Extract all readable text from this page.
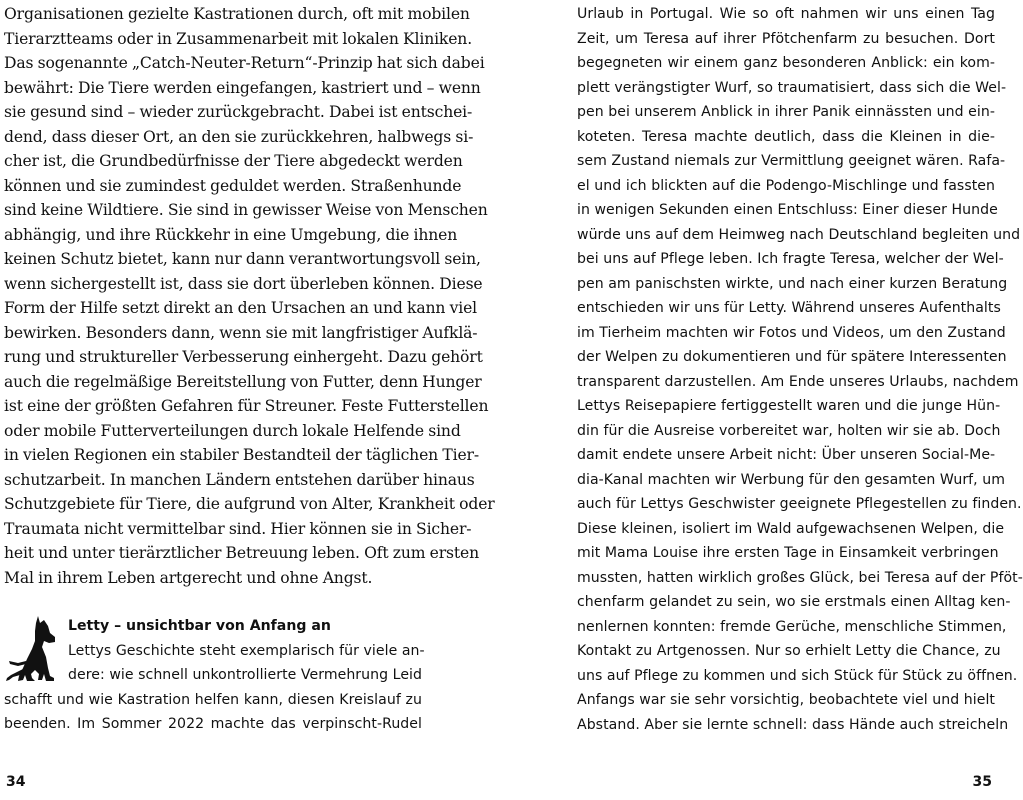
Organisationen gezielte Kastrationen durch, oft mit mobilen
Tierarztteams oder in Zusammenarbeit mit lokalen Kliniken.
Das sogenannte „Catch-Neuter-Return“-Prinzip hat sich dabei
bewährt: Die Tiere werden eingefangen, kastriert und – wenn
sie gesund sind – wieder zurückgebracht. Dabei ist entschei-
dend, dass dieser Ort, an den sie zurückkehren, halbwegs si-
cher ist, die Grundbedürfnisse der Tiere abgedeckt werden
können und sie zumindest geduldet werden. Straßenhunde
sind keine Wildtiere. Sie sind in gewisser Weise von Menschen
abhängig, und ihre Rückkehr in eine Umgebung, die ihnen
keinen Schutz bietet, kann nur dann verantwortungsvoll sein,
wenn sichergestellt ist, dass sie dort überleben können. Diese
Form der Hilfe setzt direkt an den Ursachen an und kann viel
bewirken. Besonders dann, wenn sie mit langfristiger Aufklä-
rung und struktureller Verbesserung einhergeht. Dazu gehört
auch die regelmäßige Bereitstellung von Futter, denn Hunger
ist eine der größten Gefahren für Streuner. Feste Futterstellen
oder mobile Futterverteilungen durch lokale Helfende sind
in vielen Regionen ein stabiler Bestandteil der täglichen Tier-
schutzarbeit. In manchen Ländern entstehen darüber hinaus
Schutzgebiete für Tiere, die aufgrund von Alter, Krankheit oder
Traumata nicht vermittelbar sind. Hier können sie in Sicher-
heit und unter tierärztlicher Betreuung leben. Oft zum ersten
Mal in ihrem Leben artgerecht und ohne Angst.
Letty – unsichtbar von Anfang an
Lettys Geschichte steht exemplarisch für viele an-
dere: wie schnell unkontrollierte Vermehrung Leid
schafft und wie Kastration helfen kann, diesen Kreislauf zu
beenden. Im Sommer 2022 machte das verpinscht-Rudel
34
Urlaub in Portugal. Wie so oft nahmen wir uns einen Tag
Zeit, um Teresa auf ihrer Pfötchenfarm zu besuchen. Dort
begegneten wir einem ganz besonderen Anblick: ein kom-
plett verängstigter Wurf, so traumatisiert, dass sich die Wel-
pen bei unserem Anblick in ihrer Panik einnässten und ein-
koteten. Teresa machte deutlich, dass die Kleinen in die-
sem Zustand niemals zur Vermittlung geeignet wären. Rafa-
el und ich blickten auf die Podengo-Mischlinge und fassten
in wenigen Sekunden einen Entschluss: Einer dieser Hunde
würde uns auf dem Heimweg nach Deutschland begleiten und
bei uns auf Pflege leben. Ich fragte Teresa, welcher der Wel-
pen am panischsten wirkte, und nach einer kurzen Beratung
entschieden wir uns für Letty. Während unseres Aufenthalts
im Tierheim machten wir Fotos und Videos, um den Zustand
der Welpen zu dokumentieren und für spätere Interessenten
transparent darzustellen. Am Ende unseres Urlaubs, nachdem
Lettys Reisepapiere fertiggestellt waren und die junge Hün-
din für die Ausreise vorbereitet war, holten wir sie ab. Doch
damit endete unsere Arbeit nicht: Über unseren Social-Me-
dia-Kanal machten wir Werbung für den gesamten Wurf, um
auch für Lettys Geschwister geeignete Pflegestellen zu finden.
Diese kleinen, isoliert im Wald aufgewachsenen Welpen, die
mit Mama Louise ihre ersten Tage in Einsamkeit verbringen
mussten, hatten wirklich großes Glück, bei Teresa auf der Pföt-
chenfarm gelandet zu sein, wo sie erstmals einen Alltag ken-
nenlernen konnten: fremde Gerüche, menschliche Stimmen,
Kontakt zu Artgenossen. Nur so erhielt Letty die Chance, zu
uns auf Pflege zu kommen und sich Stück für Stück zu öffnen.
Anfangs war sie sehr vorsichtig, beobachtete viel und hielt
Abstand. Aber sie lernte schnell: dass Hände auch streicheln
35
